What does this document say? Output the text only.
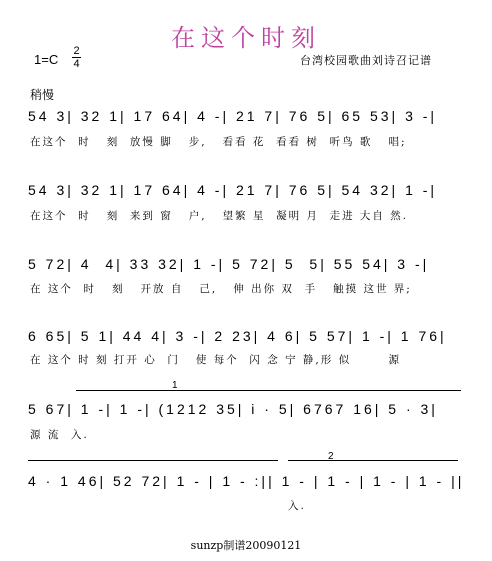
在这个时刻
1=C
2
4	台湾校园歌曲刘诗召记谱
稍慢
54 3| 32 1| 17 64| 4 -| 21 7| 76 5| 65 53| 3 -|
在这个  时   刻  放慢 脚   步,   看看 花  看看 树  听鸟 歌   唱;
54 3| 32 1| 17 64| 4 -| 21 7| 76 5| 54 32| 1 -|
在这个  时   刻  来到 窗   户,   望繁 星  凝明 月  走进 大自 然.
5 72| 4  4| 33 32| 1 -| 5 72| 5  5| 55 54| 3 -|
在 这个  时   刻   开放 自   己,   伸 出你 双  手   触摸 这世 界;
6 65| 5 1| 44 4| 3 -| 2 23| 4 6| 5 57| 1 -| 1 76|
在 这个 时 刻 打开 心  门   使 每个  闪 念 宁 静,形 似       源
1
5 67| 1 -| 1 -| (1212 35| i · 5| 6767 16| 5 · 3|
源 流  入.
2
4 · 1 46| 52 72| 1 - | 1 - :|| 1 - | 1 - | 1 - | 1 - ||
入.
sunzp制谱20090121
